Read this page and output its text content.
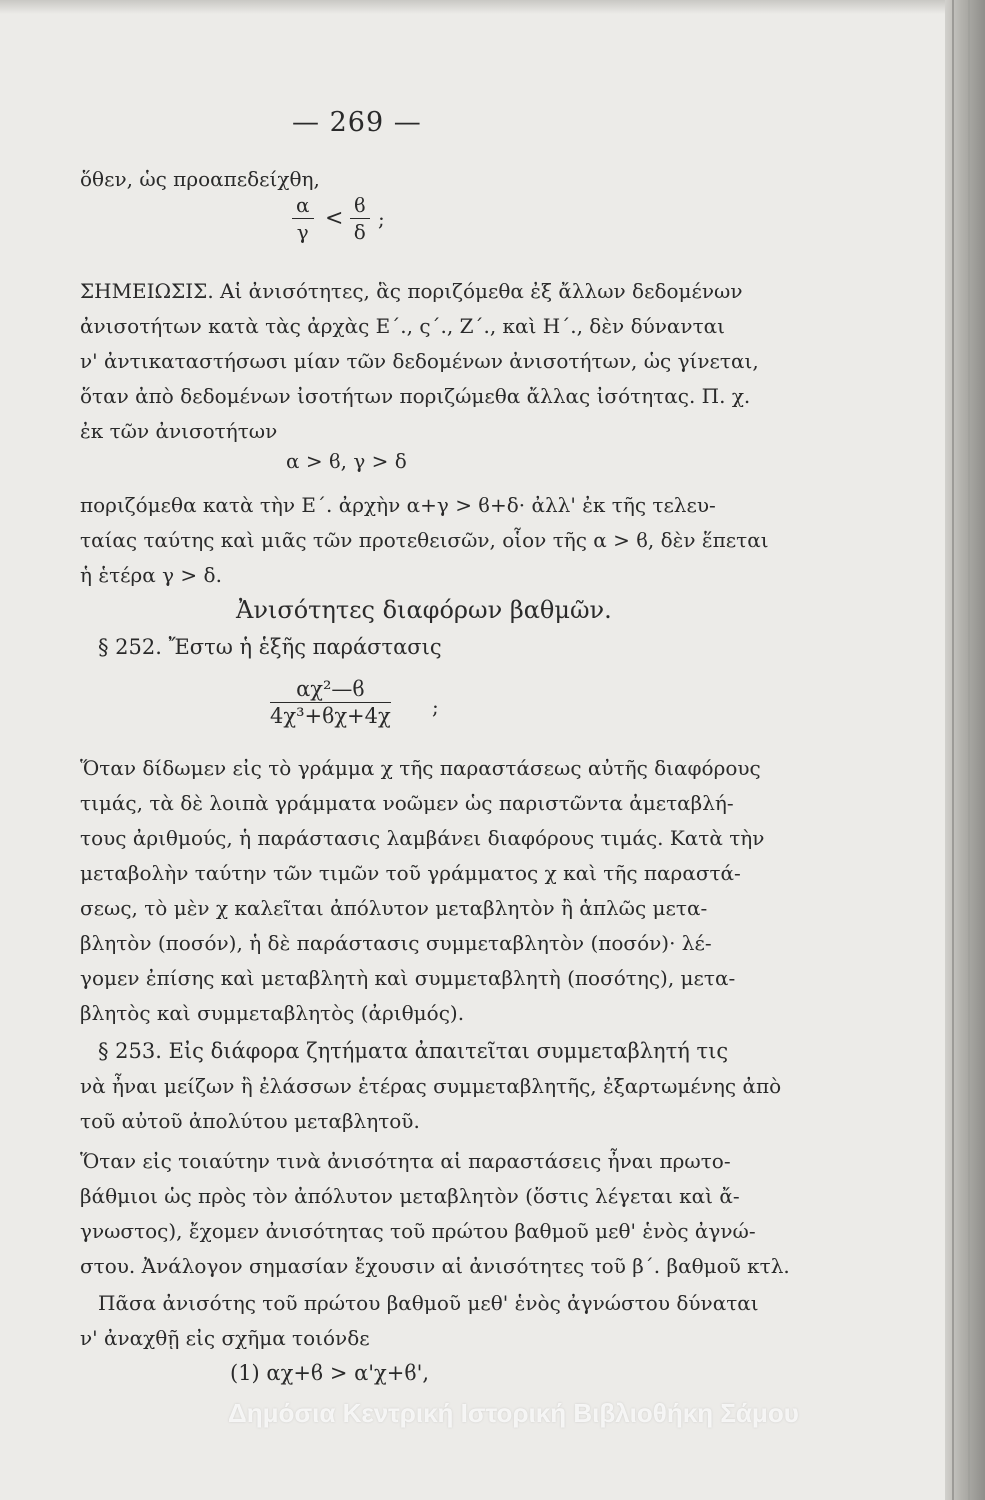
— 269 —
ὅθεν, ὡς προαπεδείχθη,
$\frac{\alpha}{\gamma} < \frac{ϐ}{\delta}$ ;
ΣΗΜΕΙΩΣΙΣ. Αἱ ἀνισότητες, ἃς ποριζόμεθα ἐξ ἄλλων δεδομένων
ἀνισοτήτων κατὰ τὰς ἀρχὰς Ε΄., ς΄., Ζ΄., καὶ Η΄., δὲν δύνανται
ν' ἀντικαταστήσωσι μίαν τῶν δεδομένων ἀνισοτήτων, ὡς γίνεται,
ὅταν ἀπὸ δεδομένων ἰσοτήτων ποριζώμεθα ἄλλας ἰσότητας. Π. χ.
ἐκ τῶν ἀνισοτήτων
α > ϐ, γ > δ
ποριζόμεθα κατὰ τὴν Ε΄. ἀρχὴν α+γ > ϐ+δ· ἀλλ' ἐκ τῆς τελευ-
ταίας ταύτης καὶ μιᾶς τῶν προτεθεισῶν, οἷον τῆς α > ϐ, δὲν ἕπεται
ἡ ἑτέρα γ > δ.
Ἀνισότητες διαφόρων βαθμῶν.
§ 252. Ἔστω ἡ ἑξῆς παράστασις
$\frac{\text{αχ²—ϐ}}{\text{4χ³+ϐχ+4χ}}$ ;
Ὅταν δίδωμεν εἰς τὸ γράμμα χ τῆς παραστάσεως αὐτῆς διαφόρους
τιμάς, τὰ δὲ λοιπὰ γράμματα νοῶμεν ὡς παριστῶντα ἀμεταβλή-
τους ἀριθμούς, ἡ παράστασις λαμβάνει διαφόρους τιμάς. Κατὰ τὴν
μεταβολὴν ταύτην τῶν τιμῶν τοῦ γράμματος χ καὶ τῆς παραστά-
σεως, τὸ μὲν χ καλεῖται ἀπόλυτον μεταβλητὸν ἢ ἁπλῶς μετα-
βλητὸν (ποσόν), ἡ δὲ παράστασις συμμεταβλητὸν (ποσόν)· λέ-
γομεν ἐπίσης καὶ μεταβλητὴ καὶ συμμεταβλητὴ (ποσότης), μετα-
βλητὸς καὶ συμμεταβλητὸς (ἀριθμός).
§ 253. Εἰς διάφορα ζητήματα ἀπαιτεῖται συμμεταβλητή τις
νὰ ἦναι μείζων ἢ ἐλάσσων ἑτέρας συμμεταβλητῆς, ἐξαρτωμένης ἀπὸ
τοῦ αὐτοῦ ἀπολύτου μεταβλητοῦ.
Ὅταν εἰς τοιαύτην τινὰ ἀνισότητα αἱ παραστάσεις ἦναι πρωτο-
βάθμιοι ὡς πρὸς τὸν ἀπόλυτον μεταβλητὸν (ὅστις λέγεται καὶ ἄ-
γνωστος), ἔχομεν ἀνισότητας τοῦ πρώτου βαθμοῦ μεθ' ἑνὸς ἀγνώ-
στου. Ἀνάλογον σημασίαν ἔχουσιν αἱ ἀνισότητες τοῦ β΄. βαθμοῦ κτλ.
Πᾶσα ἀνισότης τοῦ πρώτου βαθμοῦ μεθ' ἑνὸς ἀγνώστου δύναται
ν' ἀναχθῇ εἰς σχῆμα τοιόνδε
(1) αχ+ϐ > α'χ+ϐ',
Δημόσια Κεντρική Ιστορική Βιβλιοθήκη Σάμου
